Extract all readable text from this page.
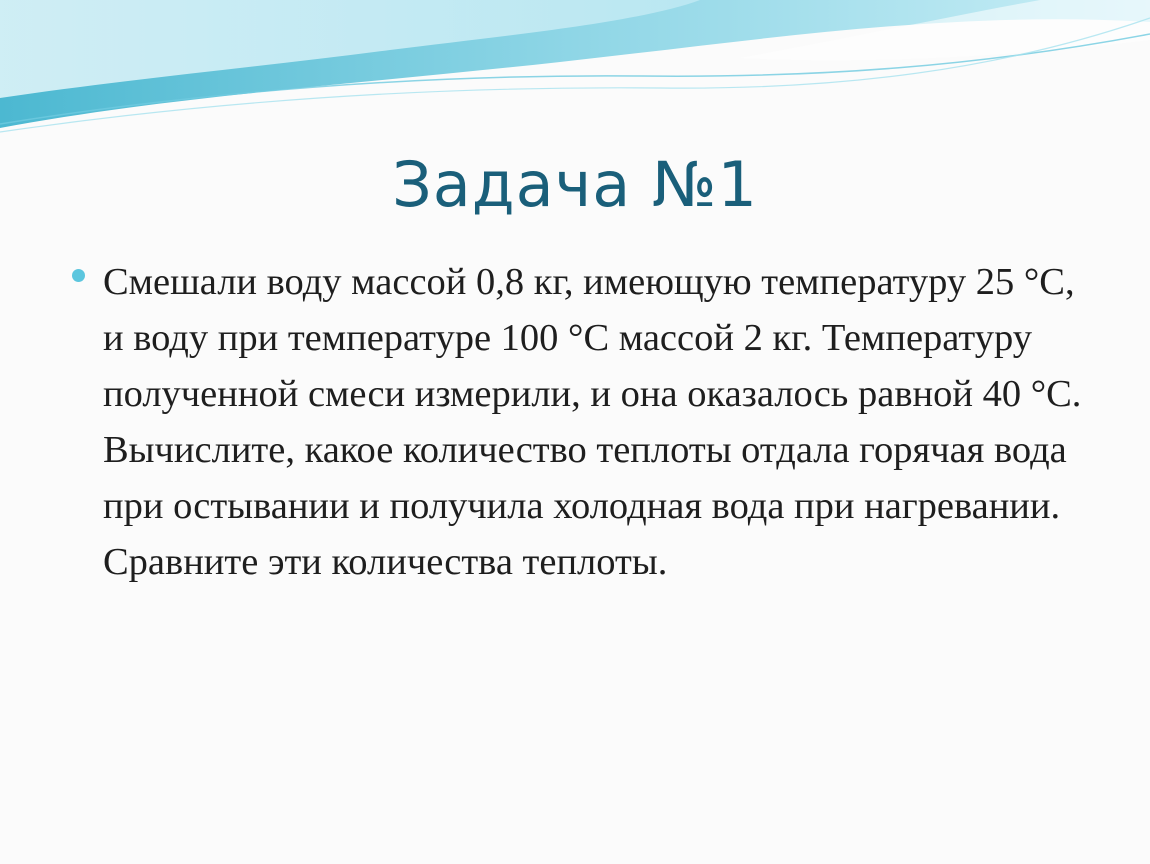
Задача №1
Смешали воду массой 0,8 кг, имеющую температуру 25 °С, и воду при температуре 100 °С массой 2 кг. Температуру полученной смеси измерили, и она оказалось равной 40 °С. Вычислите, какое количество теплоты отдала горячая вода при остывании и получила холодная вода при нагревании. Сравните эти количества теплоты.
